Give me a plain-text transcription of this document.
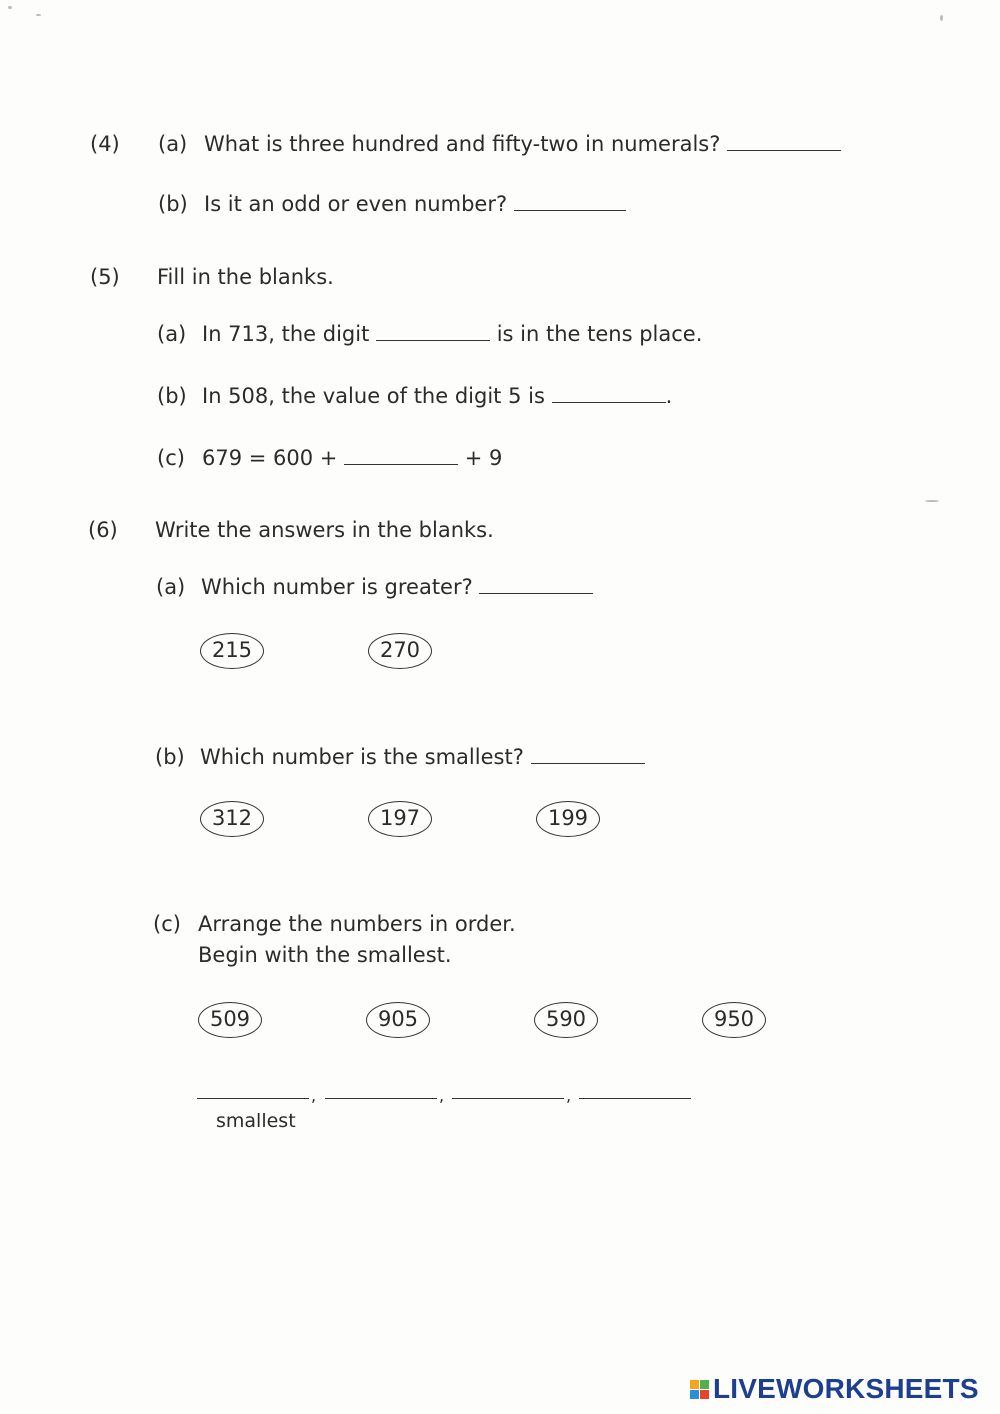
(4) (a) What is three hundred and fifty-two in numerals?
(b) Is it an odd or even number?
(5) Fill in the blanks.
(a) In 713, the digit	is in the tens place.
(b) In 508, the value of the digit 5 is	.
(c) 679 = 600 +	+ 9
(6) Write the answers in the blanks.
(a) Which number is greater?
215	270
(b) Which number is the smallest?
312	197	199
(c) Arrange the numbers in order.
Begin with the smallest.
509	905	590	950
,	,	,
smallest
LIVEWORKSHEETS
